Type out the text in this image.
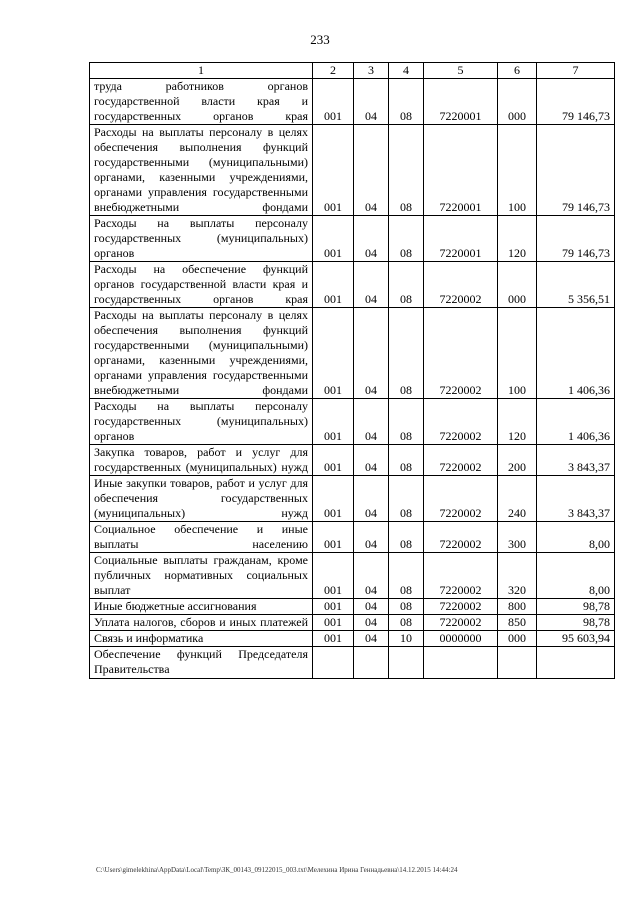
233
1	2	3	4	5	6	7
труда работников органов государственной власти края и государственных органов края	001	04	08	7220001	000	79 146,73
Расходы на выплаты персоналу в целях обеспечения выполнения функций государственными (муниципальными) органами, казенными учреждениями, органами управления государственными внебюджетными фондами	001	04	08	7220001	100	79 146,73
Расходы на выплаты персоналу государственных (муниципальных) органов	001	04	08	7220001	120	79 146,73
Расходы на обеспечение функций органов государственной власти края и государственных органов края	001	04	08	7220002	000	5 356,51
Расходы на выплаты персоналу в целях обеспечения выполнения функций государственными (муниципальными) органами, казенными учреждениями, органами управления государственными внебюджетными фондами	001	04	08	7220002	100	1 406,36
Расходы на выплаты персоналу государственных (муниципальных) органов	001	04	08	7220002	120	1 406,36
Закупка товаров, работ и услуг для государственных (муниципальных) нужд	001	04	08	7220002	200	3 843,37
Иные закупки товаров, работ и услуг для обеспечения государственных (муниципальных) нужд	001	04	08	7220002	240	3 843,37
Социальное обеспечение и иные выплаты населению	001	04	08	7220002	300	8,00
Социальные выплаты гражданам, кроме публичных нормативных социальных выплат	001	04	08	7220002	320	8,00
Иные бюджетные ассигнования	001	04	08	7220002	800	98,78
Уплата налогов, сборов и иных платежей	001	04	08	7220002	850	98,78
Связь и информатика	001	04	10	0000000	000	95 603,94
Обеспечение функций Председателя Правительства						
C:\Users\gimelekhina\AppData\Local\Temp\ЗК_00143_09122015_003.txt\Мелехина Ирина Геннадьевна\14.12.2015 14:44:24
